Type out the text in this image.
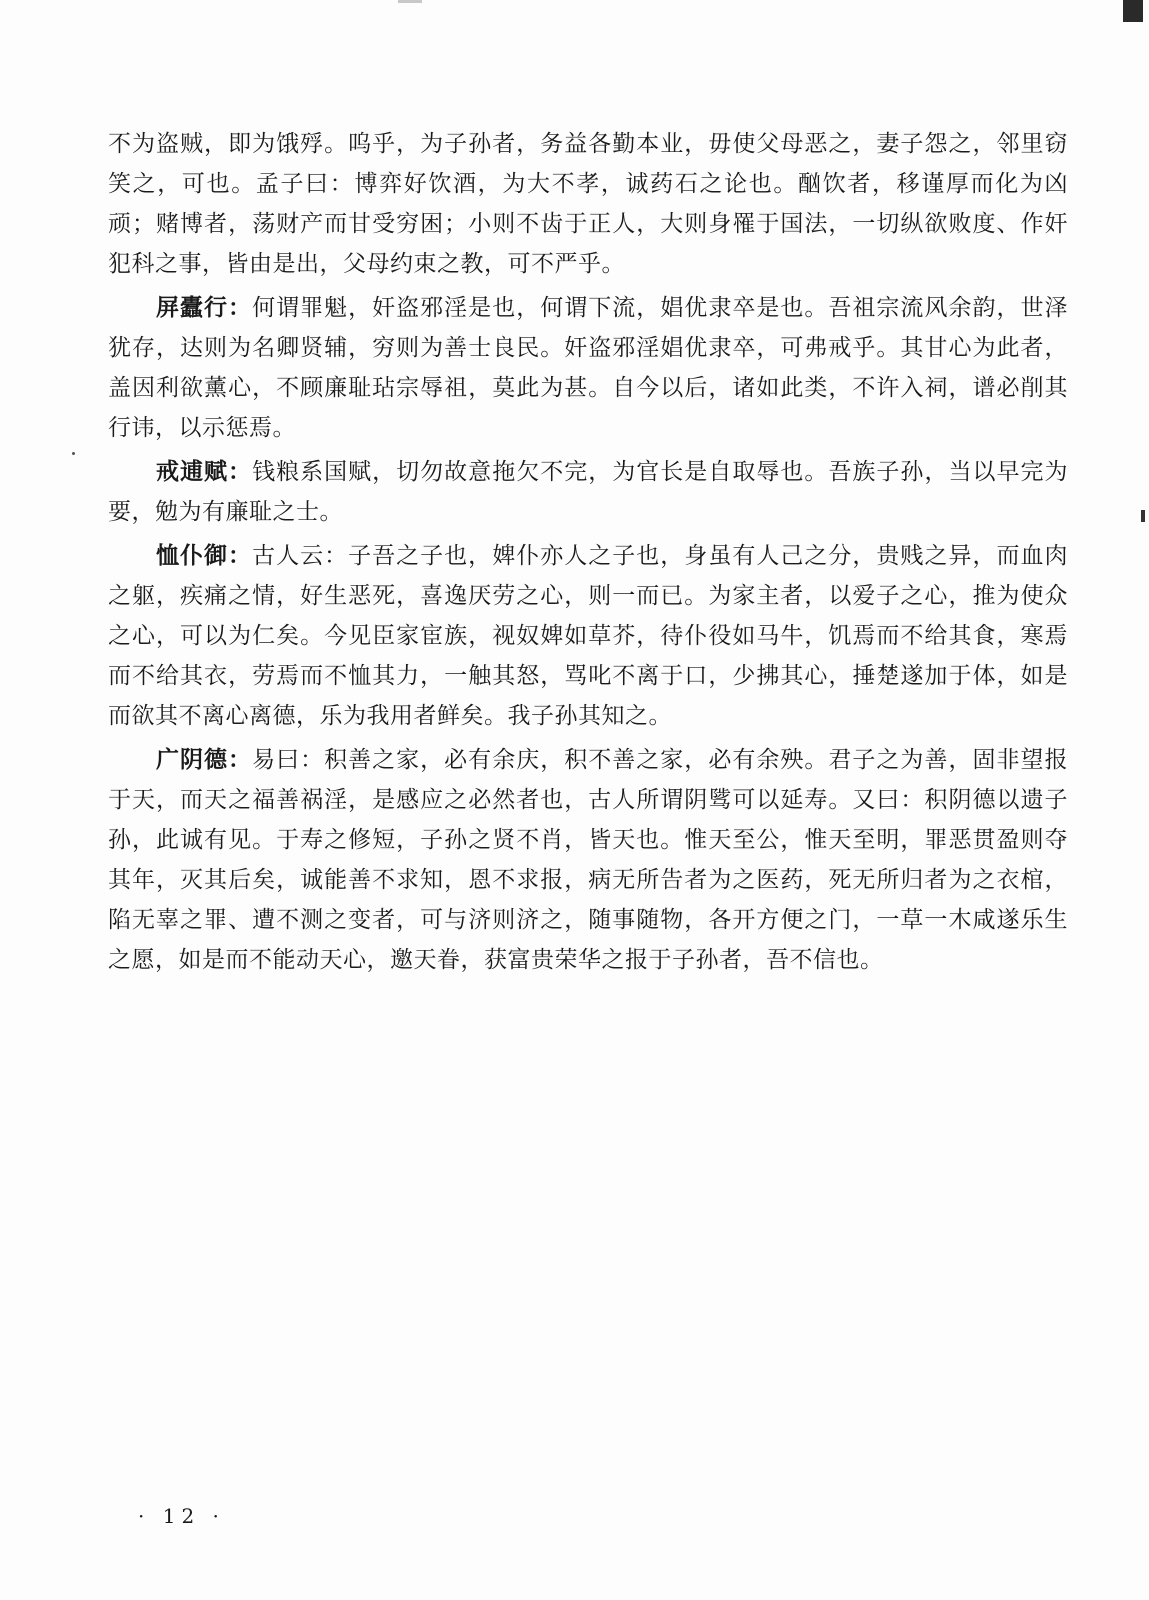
不为盗贼，即为饿殍。呜乎，为子孙者，务益各勤本业，毋使父母恶之，妻子怨之，邻里窃笑之，可也。孟子曰：博弈好饮酒，为大不孝，诚药石之论也。酗饮者，移谨厚而化为凶顽；赌博者，荡财产而甘受穷困；小则不齿于正人，大则身罹于国法，一切纵欲败度、作奸犯科之事，皆由是出，父母约束之教，可不严乎。

屏蠹行：何谓罪魁，奸盗邪淫是也，何谓下流，娼优隶卒是也。吾祖宗流风余韵，世泽犹存，达则为名卿贤辅，穷则为善士良民。奸盗邪淫娼优隶卒，可弗戒乎。其甘心为此者，盖因利欲薰心，不顾廉耻玷宗辱祖，莫此为甚。自今以后，诸如此类，不许入祠，谱必削其行讳，以示惩焉。

戒逋赋：钱粮系国赋，切勿故意拖欠不完，为官长是自取辱也。吾族子孙，当以早完为要，勉为有廉耻之士。

恤仆御：古人云：子吾之子也，婢仆亦人之子也，身虽有人己之分，贵贱之异，而血肉之躯，疾痛之情，好生恶死，喜逸厌劳之心，则一而已。为家主者，以爱子之心，推为使众之心，可以为仁矣。今见臣家宦族，视奴婢如草芥，待仆役如马牛，饥焉而不给其食，寒焉而不给其衣，劳焉而不恤其力，一触其怒，骂叱不离于口，少拂其心，捶楚遂加于体，如是而欲其不离心离德，乐为我用者鲜矣。我子孙其知之。

广阴德：易曰：积善之家，必有余庆，积不善之家，必有余殃。君子之为善，固非望报于天，而天之福善祸淫，是感应之必然者也，古人所谓阴骘可以延寿。又曰：积阴德以遗子孙，此诚有见。于寿之修短，子孙之贤不肖，皆天也。惟天至公，惟天至明，罪恶贯盈则夺其年，灭其后矣，诚能善不求知，恩不求报，病无所告者为之医药，死无所归者为之衣棺，陷无辜之罪、遭不测之变者，可与济则济之，随事随物，各开方便之门，一草一木咸遂乐生之愿，如是而不能动天心，邀天眷，获富贵荣华之报于子孙者，吾不信也。

· 12 ·
